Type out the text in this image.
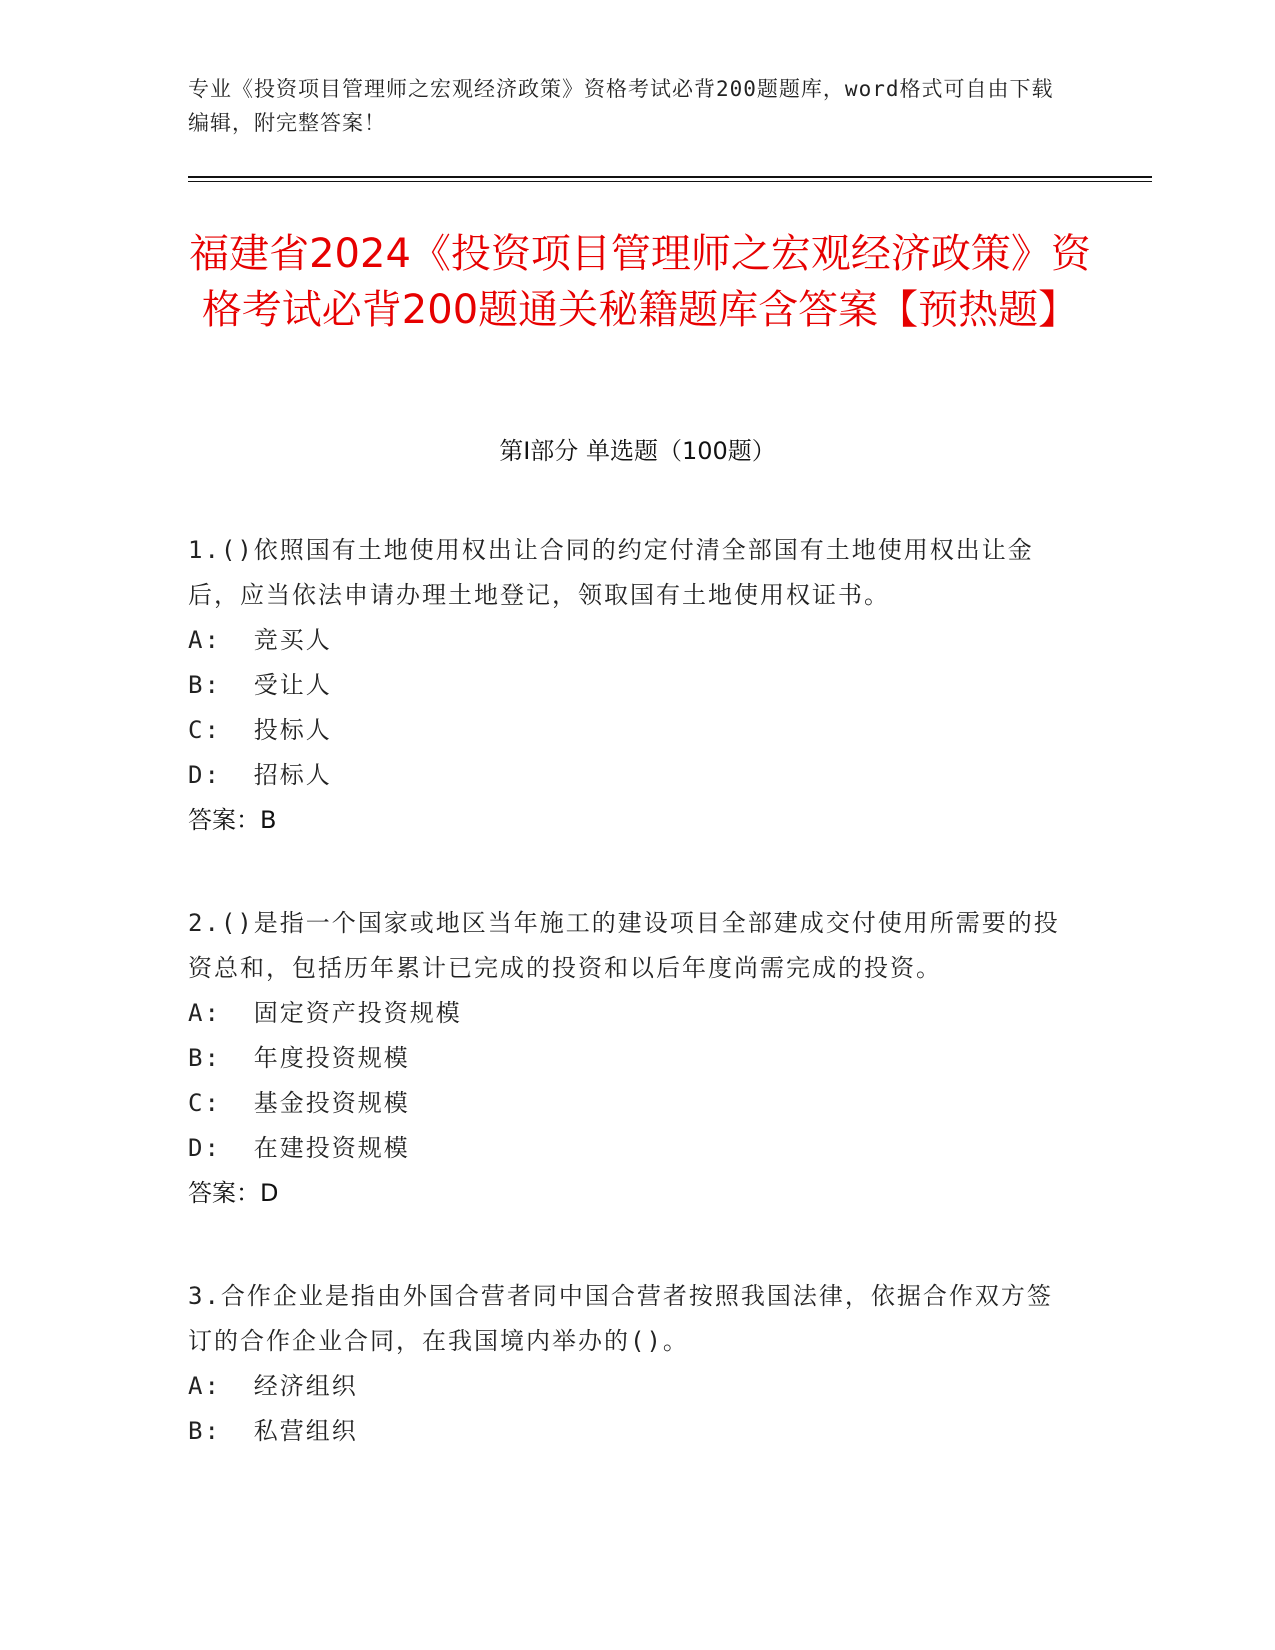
专业《投资项目管理师之宏观经济政策》资格考试必背200题题库，word格式可自由下载编辑，附完整答案！
福建省2024《投资项目管理师之宏观经济政策》资格考试必背200题通关秘籍题库含答案【预热题】
第Ⅰ部分 单选题（100题）

1.()依照国有土地使用权出让合同的约定付清全部国有土地使用权出让金后，应当依法申请办理土地登记，领取国有土地使用权证书。

A:  竞买人
B:  受让人
C:  投标人
D:  招标人
答案：B

2.()是指一个国家或地区当年施工的建设项目全部建成交付使用所需要的投资总和，包括历年累计已完成的投资和以后年度尚需完成的投资。

A:  固定资产投资规模
B:  年度投资规模
C:  基金投资规模
D:  在建投资规模
答案：D

3.合作企业是指由外国合营者同中国合营者按照我国法律，依据合作双方签订的合作企业合同，在我国境内举办的()。

A:  经济组织
B:  私营组织
